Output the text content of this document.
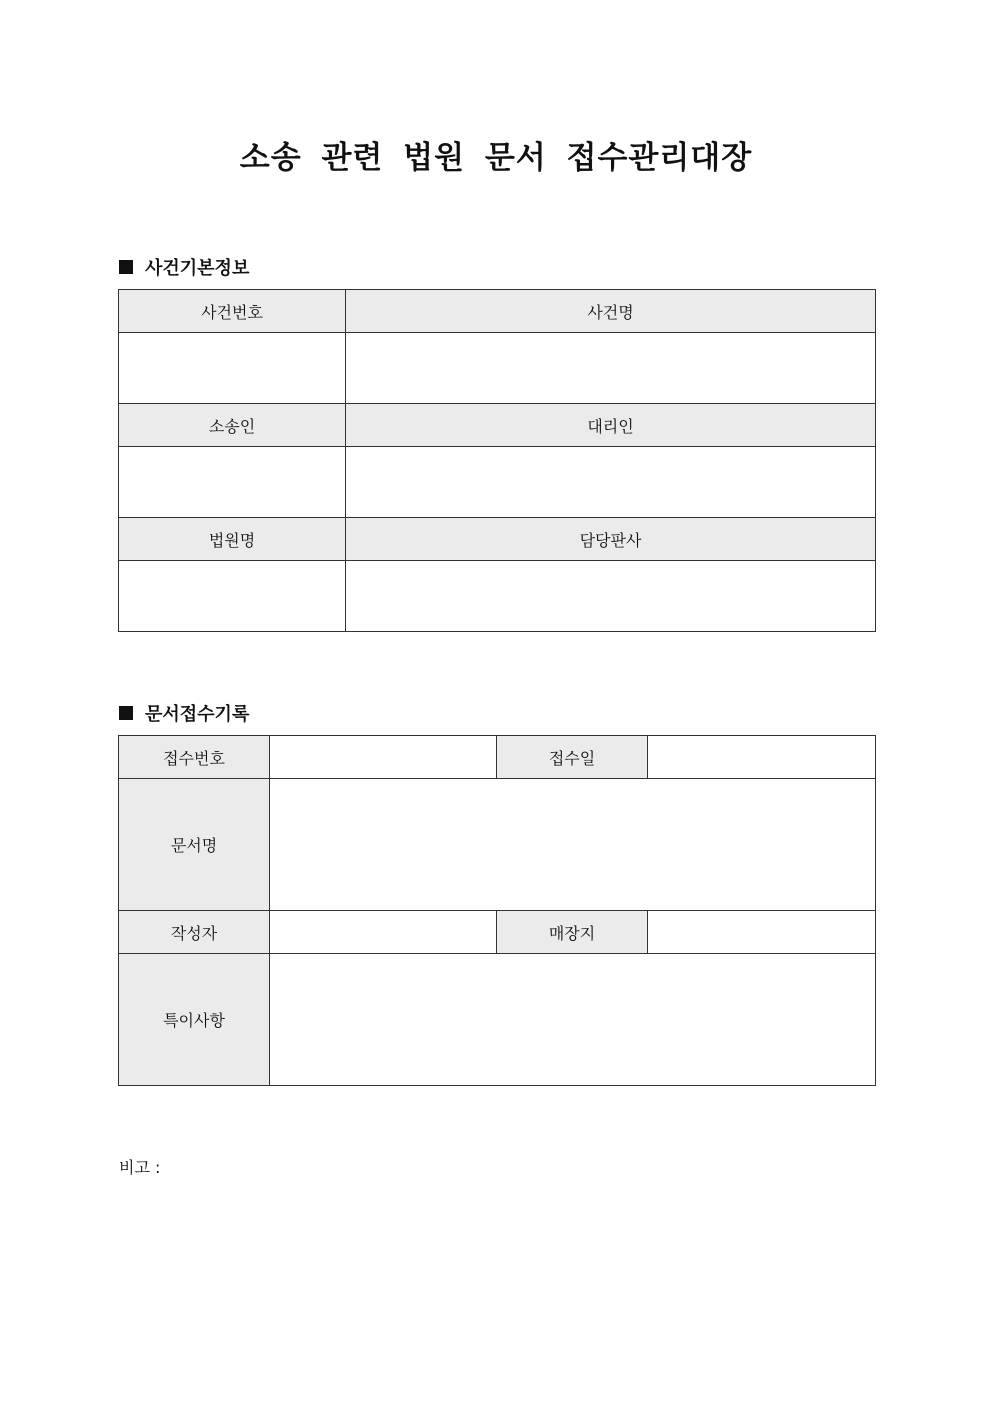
소송 관련 법원 문서 접수관리대장
사건기본정보
사건번호	사건명

소송인	대리인

법원명	담당판사

문서접수기록
접수번호		접수일	
문서명			
작성자		매장지	
특이사항			
비고 :
